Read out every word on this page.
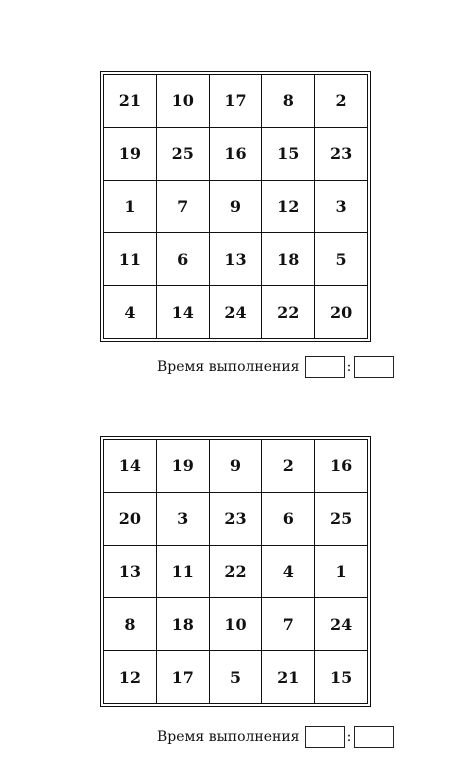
21	10	17	8	2
19	25	16	15	23
1	7	9	12	3
11	6	13	18	5
4	14	24	22	20
Время выполнения	:
14	19	9	2	16
20	3	23	6	25
13	11	22	4	1
8	18	10	7	24
12	17	5	21	15
Время выполнения	:
